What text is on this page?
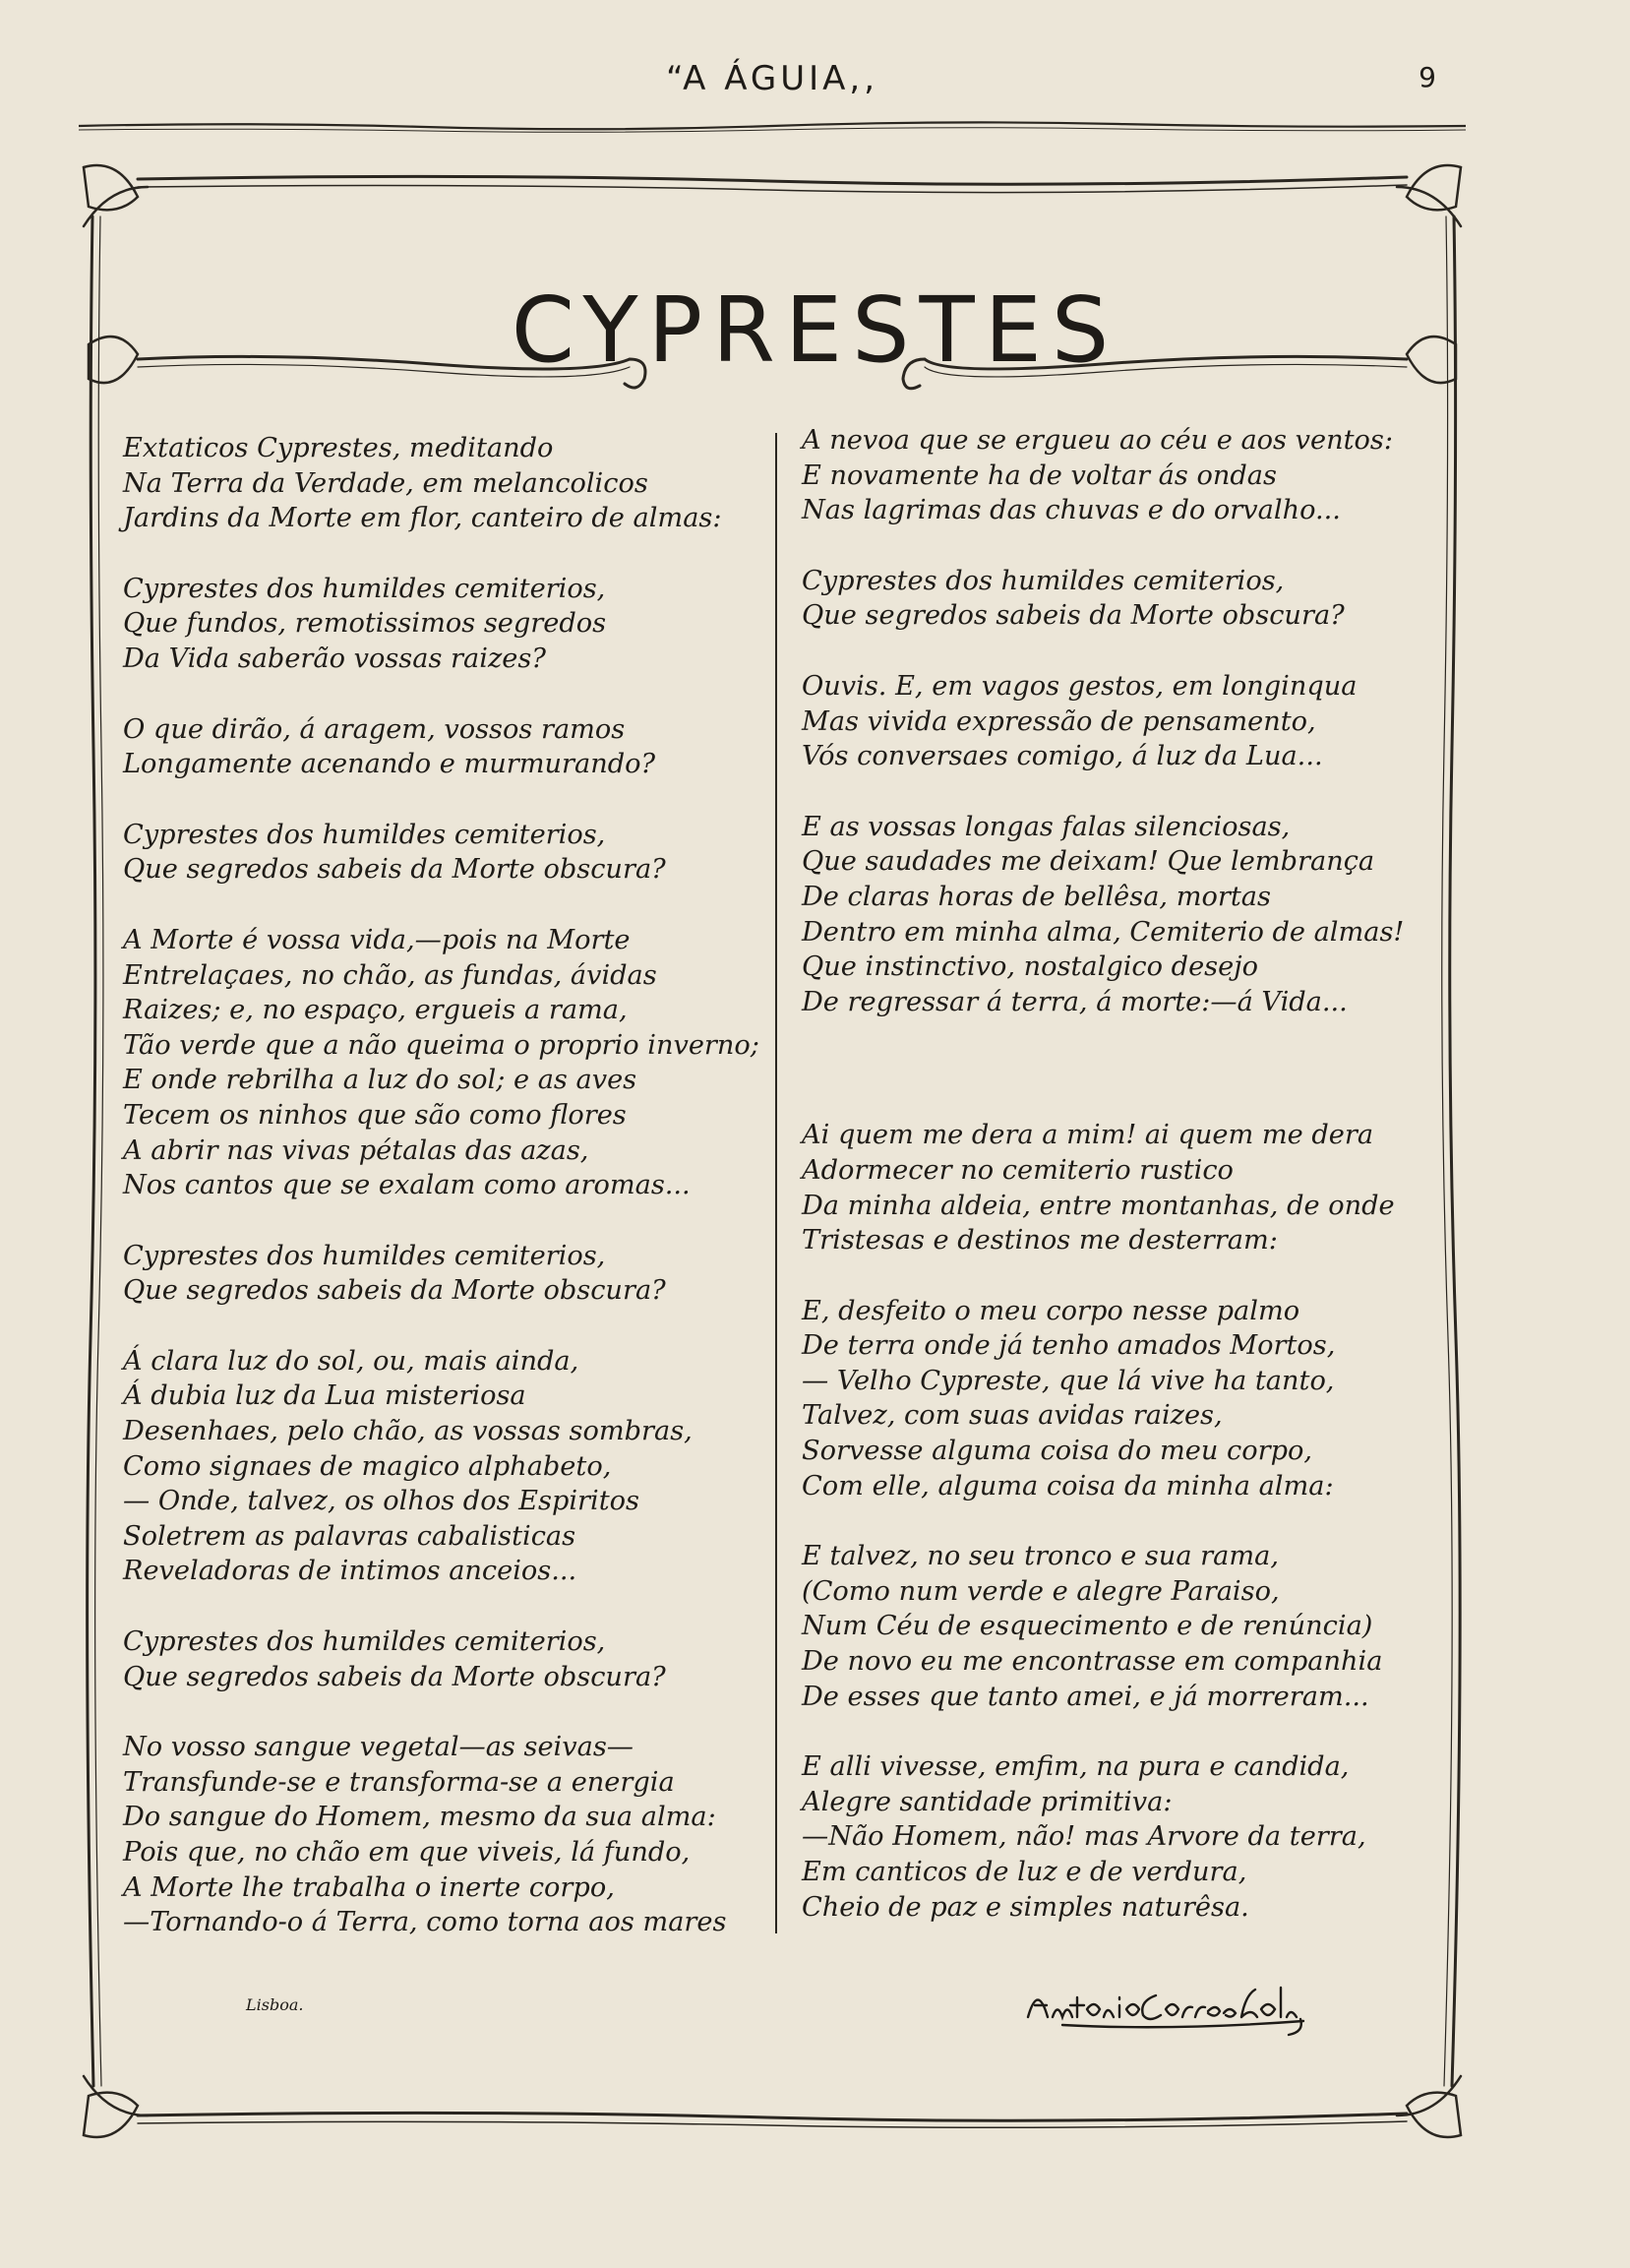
“A ÁGUIA,,	9
CYPRESTES
Extaticos Cyprestes, meditando
Na Terra da Verdade, em melancolicos
Jardins da Morte em flor, canteiro de almas:
Cyprestes dos humildes cemiterios,
Que fundos, remotissimos segredos
Da Vida saberão vossas raizes?
O que dirão, á aragem, vossos ramos
Longamente acenando e murmurando?
Cyprestes dos humildes cemiterios,
Que segredos sabeis da Morte obscura?
A Morte é vossa vida,—pois na Morte
Entrelaçaes, no chão, as fundas, ávidas
Raizes; e, no espaço, ergueis a rama,
Tão verde que a não queima o proprio inverno;
E onde rebrilha a luz do sol; e as aves
Tecem os ninhos que são como flores
A abrir nas vivas pétalas das azas,
Nos cantos que se exalam como aromas...
Cyprestes dos humildes cemiterios,
Que segredos sabeis da Morte obscura?
Á clara luz do sol, ou, mais ainda,
Á dubia luz da Lua misteriosa
Desenhaes, pelo chão, as vossas sombras,
Como signaes de magico alphabeto,
— Onde, talvez, os olhos dos Espiritos
Soletrem as palavras cabalisticas
Reveladoras de intimos anceios...
Cyprestes dos humildes cemiterios,
Que segredos sabeis da Morte obscura?
No vosso sangue vegetal—as seivas—
Transfunde-se e transforma-se a energia
Do sangue do Homem, mesmo da sua alma:
Pois que, no chão em que viveis, lá fundo,
A Morte lhe trabalha o inerte corpo,
—Tornando-o á Terra, como torna aos mares
A nevoa que se ergueu ao céu e aos ventos:
E novamente ha de voltar ás ondas
Nas lagrimas das chuvas e do orvalho...
Cyprestes dos humildes cemiterios,
Que segredos sabeis da Morte obscura?
Ouvis. E, em vagos gestos, em longinqua
Mas vivida expressão de pensamento,
Vós conversaes comigo, á luz da Lua...
E as vossas longas falas silenciosas,
Que saudades me deixam! Que lembrança
De claras horas de bellêsa, mortas
Dentro em minha alma, Cemiterio de almas!
Que instinctivo, nostalgico desejo
De regressar á terra, á morte:—á Vida...
Ai quem me dera a mim! ai quem me dera
Adormecer no cemiterio rustico
Da minha aldeia, entre montanhas, de onde
Tristesas e destinos me desterram:
E, desfeito o meu corpo nesse palmo
De terra onde já tenho amados Mortos,
— Velho Cypreste, que lá vive ha tanto,
Talvez, com suas avidas raizes,
Sorvesse alguma coisa do meu corpo,
Com elle, alguma coisa da minha alma:
E talvez, no seu tronco e sua rama,
(Como num verde e alegre Paraiso,
Num Céu de esquecimento e de renúncia)
De novo eu me encontrasse em companhia
De esses que tanto amei, e já morreram...
E alli vivesse, emfim, na pura e candida,
Alegre santidade primitiva:
—Não Homem, não! mas Arvore da terra,
Em canticos de luz e de verdura,
Cheio de paz e simples naturêsa.
Lisboa.
